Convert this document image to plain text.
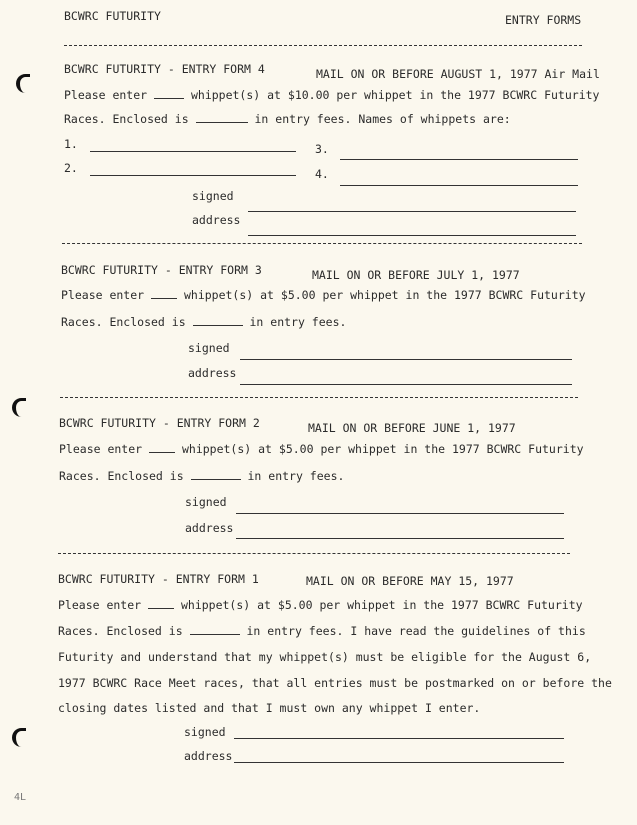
BCWRC FUTURITY	ENTRY FORMS
BCWRC FUTURITY - ENTRY FORM 4	MAIL ON OR BEFORE AUGUST 1, 1977 Air Mail
Please enter	whippet(s) at $10.00 per whippet in the 1977 BCWRC Futurity
Races. Enclosed is	in entry fees. Names of whippets are:
1.	3.
2.	4.
signed
address
BCWRC FUTURITY - ENTRY FORM 3	MAIL ON OR BEFORE JULY 1, 1977
Please enter	whippet(s) at $5.00 per whippet in the 1977 BCWRC Futurity
Races. Enclosed is	in entry fees.
signed
address
BCWRC FUTURITY - ENTRY FORM 2	MAIL ON OR BEFORE JUNE 1, 1977
Please enter	whippet(s) at $5.00 per whippet in the 1977 BCWRC Futurity
Races. Enclosed is	in entry fees.
signed
address
BCWRC FUTURITY - ENTRY FORM 1	MAIL ON OR BEFORE MAY 15, 1977
Please enter	whippet(s) at $5.00 per whippet in the 1977 BCWRC Futurity
Races. Enclosed is	in entry fees. I have read the guidelines of this
Futurity and understand that my whippet(s) must be eligible for the August 6,
1977 BCWRC Race Meet races, that all entries must be postmarked on or before the
closing dates listed and that I must own any whippet I enter.
signed
address
4L
